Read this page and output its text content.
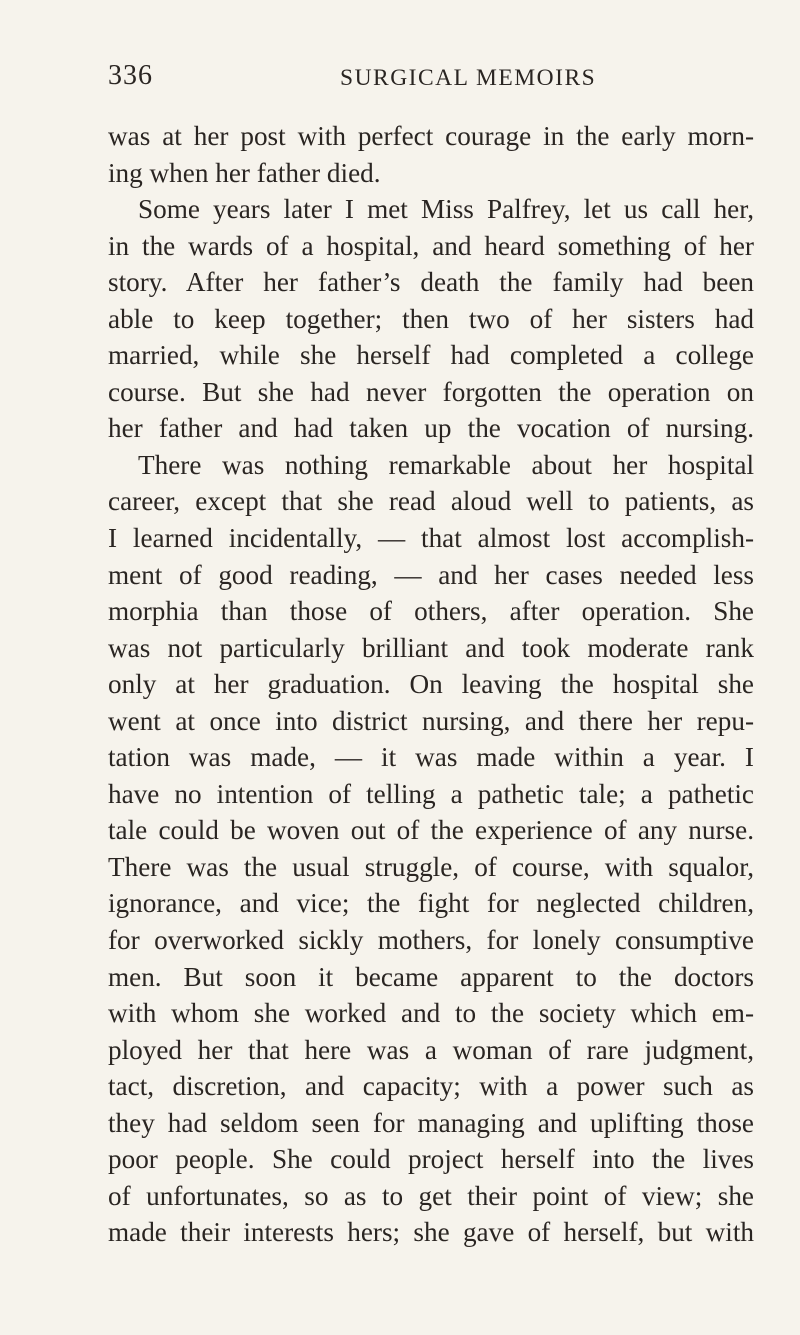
336	SURGICAL MEMOIRS
was at her post with perfect courage in the early morn-
ing when her father died.
Some years later I met Miss Palfrey, let us call her,
in the wards of a hospital, and heard something of her
story. After her father’s death the family had been
able to keep together; then two of her sisters had
married, while she herself had completed a college
course. But she had never forgotten the operation on
her father and had taken up the vocation of nursing.
There was nothing remarkable about her hospital
career, except that she read aloud well to patients, as
I learned incidentally, — that almost lost accomplish-
ment of good reading, — and her cases needed less
morphia than those of others, after operation. She
was not particularly brilliant and took moderate rank
only at her graduation. On leaving the hospital she
went at once into district nursing, and there her repu-
tation was made, — it was made within a year. I
have no intention of telling a pathetic tale; a pathetic
tale could be woven out of the experience of any nurse.
There was the usual struggle, of course, with squalor,
ignorance, and vice; the fight for neglected children,
for overworked sickly mothers, for lonely consumptive
men. But soon it became apparent to the doctors
with whom she worked and to the society which em-
ployed her that here was a woman of rare judgment,
tact, discretion, and capacity; with a power such as
they had seldom seen for managing and uplifting those
poor people. She could project herself into the lives
of unfortunates, so as to get their point of view; she
made their interests hers; she gave of herself, but with
